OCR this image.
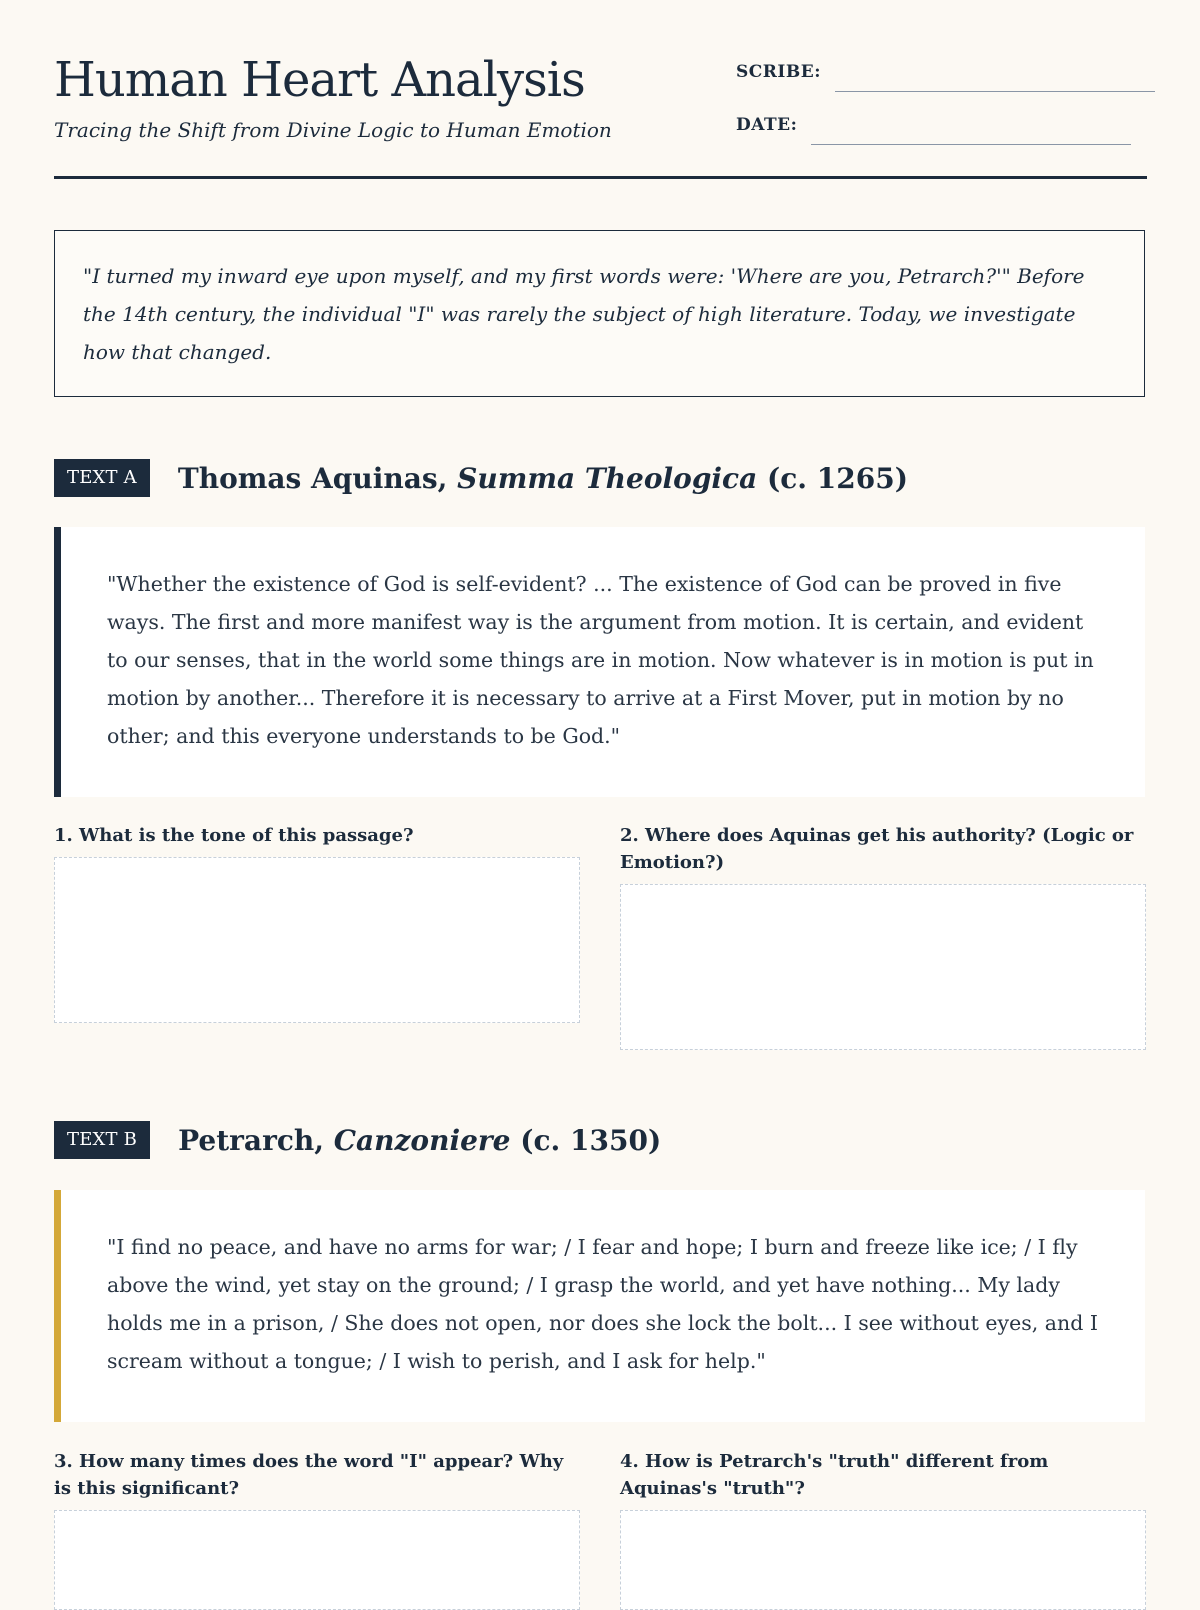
Human Heart Analysis
Tracing the Shift from Divine Logic to Human Emotion
SCRIBE:
DATE:
"I turned my inward eye upon myself, and my first words were: 'Where are you, Petrarch?'" Before the 14th century, the individual "I" was rarely the subject of high literature. Today, we investigate how that changed.
TEXT A	Thomas Aquinas, Summa Theologica (c. 1265)
"Whether the existence of God is self-evident? ... The existence of God can be proved in five ways. The first and more manifest way is the argument from motion. It is certain, and evident to our senses, that in the world some things are in motion. Now whatever is in motion is put in motion by another... Therefore it is necessary to arrive at a First Mover, put in motion by no other; and this everyone understands to be God."
1. What is the tone of this passage?	2. Where does Aquinas get his authority? (Logic or Emotion?)
TEXT B	Petrarch, Canzoniere (c. 1350)
"I find no peace, and have no arms for war; / I fear and hope; I burn and freeze like ice; / I fly above the wind, yet stay on the ground; / I grasp the world, and yet have nothing... My lady holds me in a prison, / She does not open, nor does she lock the bolt... I see without eyes, and I scream without a tongue; / I wish to perish, and I ask for help."
3. How many times does the word "I" appear? Why is this significant?
4. How is Petrarch's "truth" different from Aquinas's "truth"?
